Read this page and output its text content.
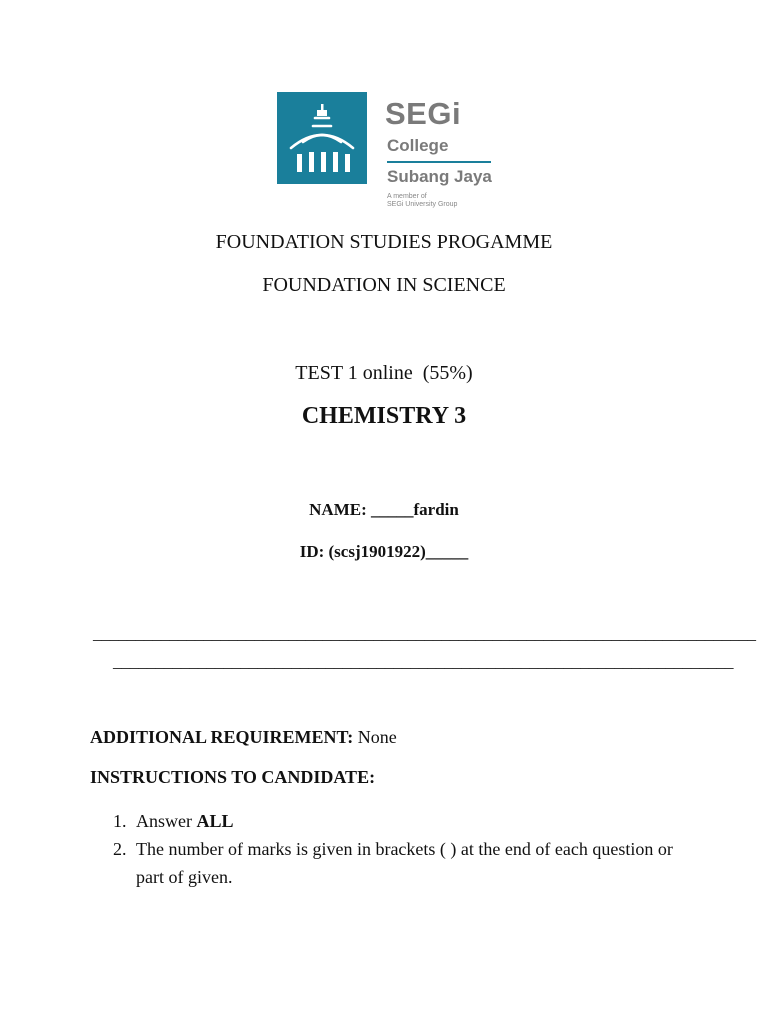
SEGi
College
Subang Jaya
A member of
SEGi University Group
FOUNDATION STUDIES PROGAMME
FOUNDATION IN SCIENCE
TEST 1 online  (55%)
CHEMISTRY 3
NAME: _____fardin
ID: (scsj1901922)_____
______________________________________________________________________________
_________________________________________________________________________
ADDITIONAL REQUIREMENT: None
INSTRUCTIONS TO CANDIDATE:
1. Answer ALL
2. The number of marks is given in brackets ( ) at the end of each question or part of given.
